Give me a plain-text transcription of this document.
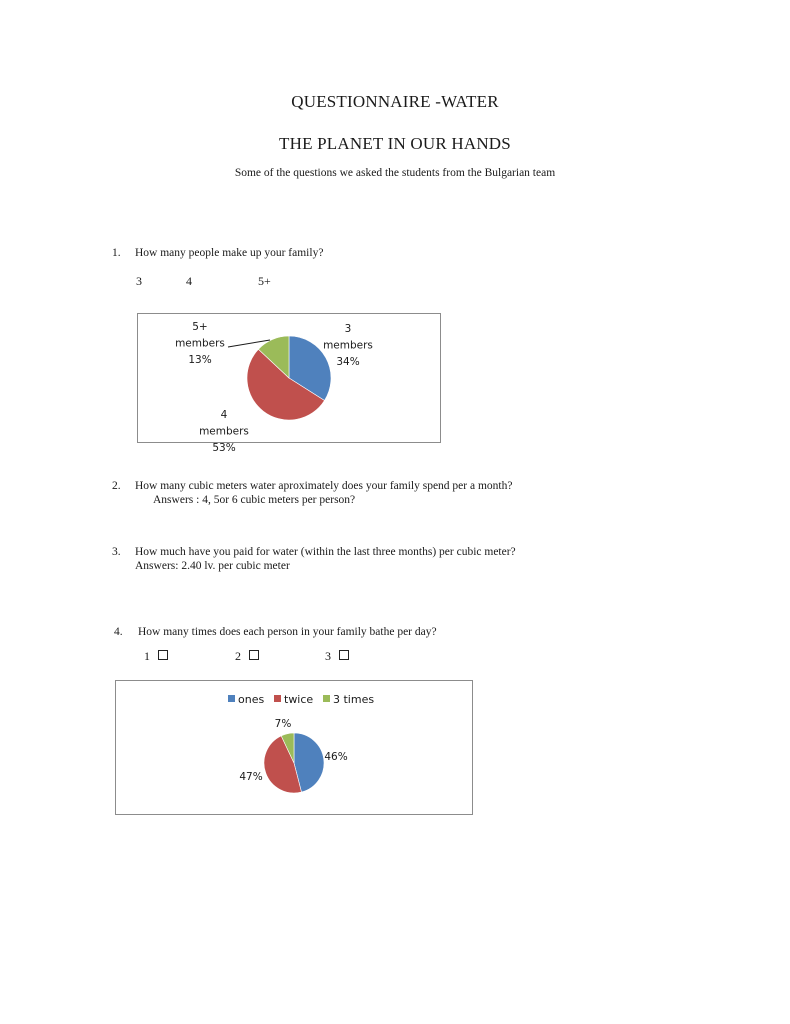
QUESTIONNAIRE -WATER
THE PLANET IN OUR HANDS
Some of the questions we asked the students from the Bulgarian team
1. How many people make up your family?
3	4	5+
3
members
34%
4
members
53%
5+
members
13%
2. How many cubic meters water aproximately does your family spend per a month?
Answers : 4, 5or 6 cubic meters per person?
3. How much have you paid for water (within the last three months) per cubic meter?
Answers: 2.40 lv. per cubic meter
4. How many times does each person in your family bathe per day?
1	2	3
ones twice 3 times
46%
47%
7%
